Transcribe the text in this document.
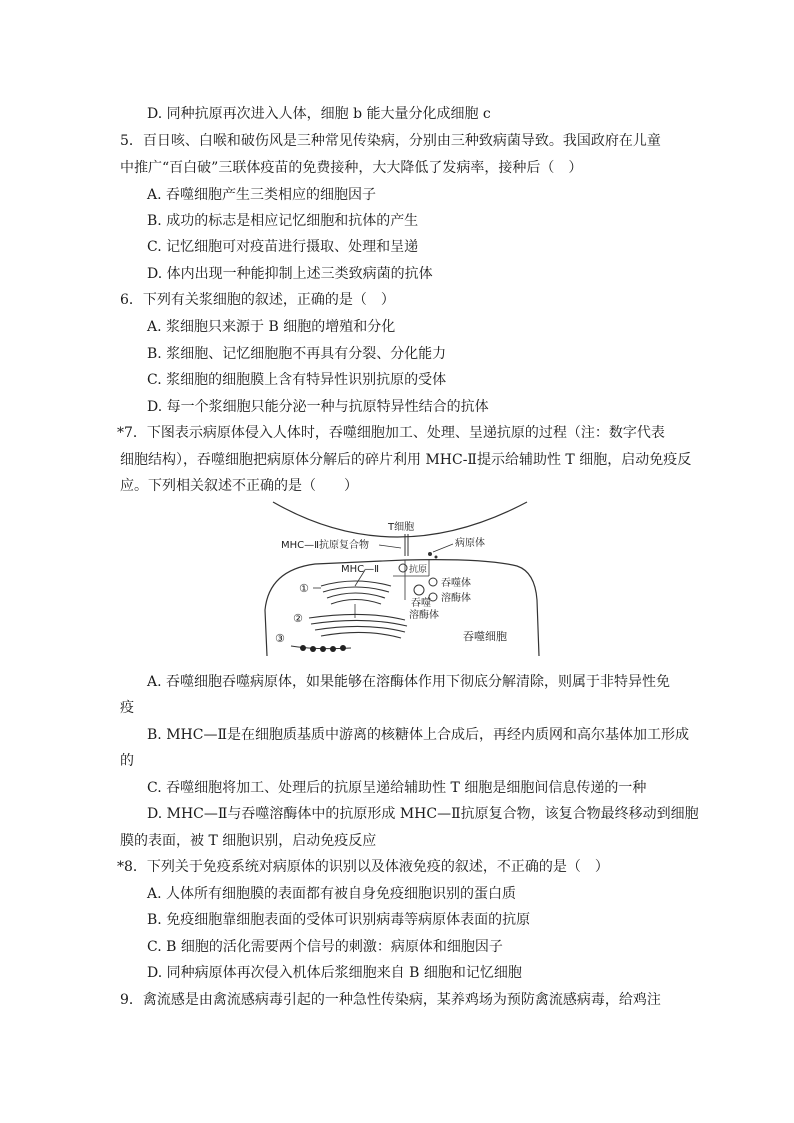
D. 同种抗原再次进入人体，细胞 b 能大量分化成细胞 c
5．百日咳、白喉和破伤风是三种常见传染病，分别由三种致病菌导致。我国政府在儿童
中推广“百白破”三联体疫苗的免费接种，大大降低了发病率，接种后（　）
A. 吞噬细胞产生三类相应的细胞因子
B. 成功的标志是相应记忆细胞和抗体的产生
C. 记忆细胞可对疫苗进行摄取、处理和呈递
D. 体内出现一种能抑制上述三类致病菌的抗体
6．下列有关浆细胞的叙述，正确的是（　）
A. 浆细胞只来源于 B 细胞的增殖和分化
B. 浆细胞、记忆细胞胞不再具有分裂、分化能力
C. 浆细胞的细胞膜上含有特异性识别抗原的受体
D. 每一个浆细胞只能分泌一种与抗原特异性结合的抗体
*7．下图表示病原体侵入人体时，吞噬细胞加工、处理、呈递抗原的过程（注：数字代表
细胞结构），吞噬细胞把病原体分解后的碎片利用 MHC-Ⅱ提示给辅助性 T 细胞，启动免疫反
应。下列相关叙述不正确的是（　　）
T细胞
MHC—Ⅱ抗原复合物	病原体
MHC—Ⅱ	抗原
吞噬体
溶酶体
吞噬
溶酶体
①
②
③	吞噬细胞
A. 吞噬细胞吞噬病原体，如果能够在溶酶体作用下彻底分解清除，则属于非特异性免
疫
B. MHC—Ⅱ是在细胞质基质中游离的核糖体上合成后，再经内质网和高尔基体加工形成
的
C. 吞噬细胞将加工、处理后的抗原呈递给辅助性 T 细胞是细胞间信息传递的一种
D. MHC—Ⅱ与吞噬溶酶体中的抗原形成 MHC—Ⅱ抗原复合物，该复合物最终移动到细胞
膜的表面，被 T 细胞识别，启动免疫反应
*8．下列关于免疫系统对病原体的识别以及体液免疫的叙述，不正确的是（　）
A. 人体所有细胞膜的表面都有被自身免疫细胞识别的蛋白质
B. 免疫细胞靠细胞表面的受体可识别病毒等病原体表面的抗原
C. B 细胞的活化需要两个信号的刺激：病原体和细胞因子
D. 同种病原体再次侵入机体后浆细胞来自 B 细胞和记忆细胞
9．禽流感是由禽流感病毒引起的一种急性传染病，某养鸡场为预防禽流感病毒，给鸡注
